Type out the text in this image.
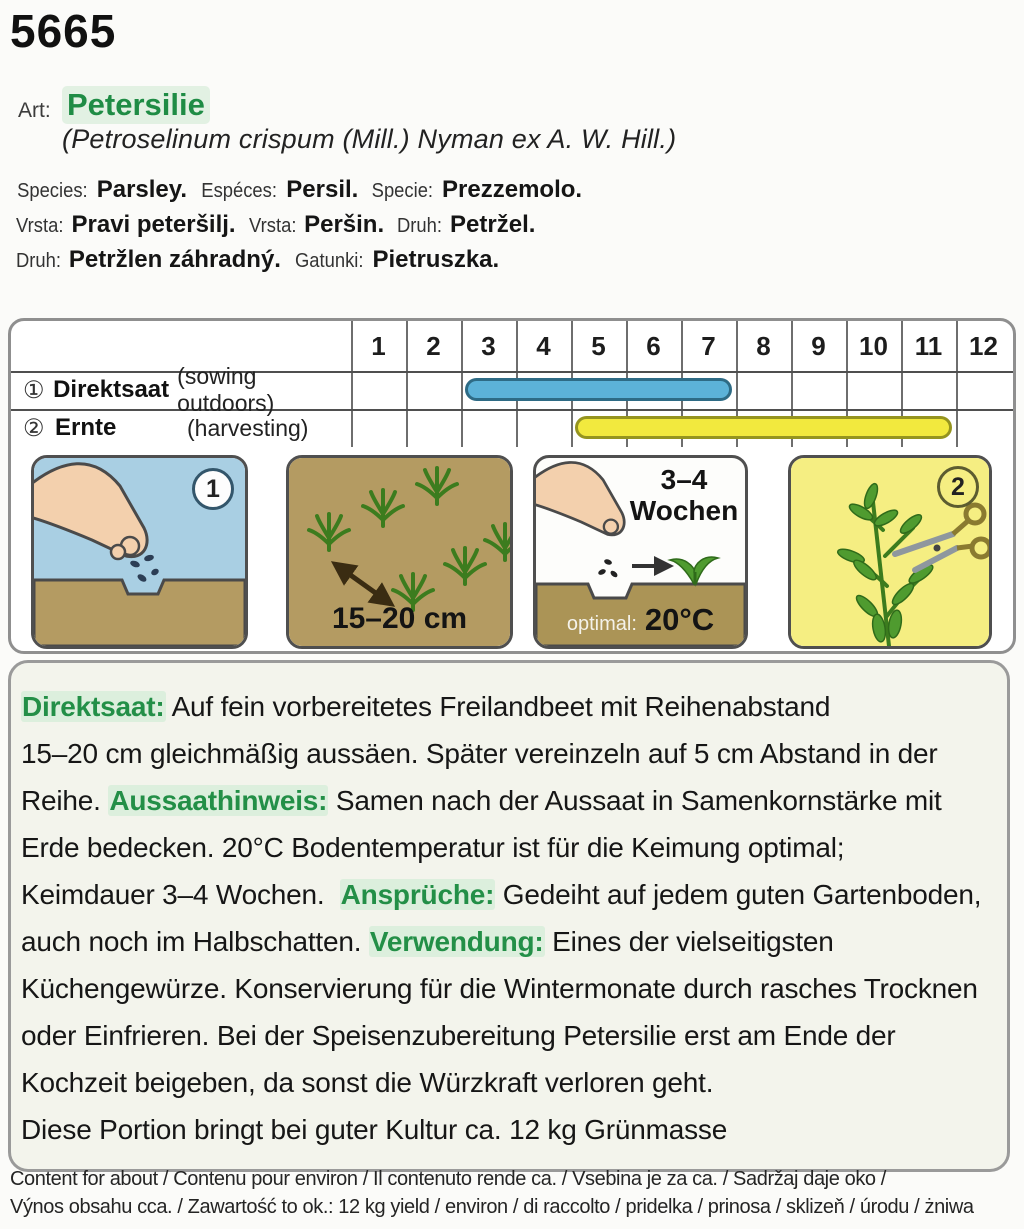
5665
Art: Petersilie
(Petroselinum crispum (Mill.) Nyman ex A. W. Hill.)
Species: Parsley. Espéces: Persil. Specie: Prezzemolo.
Vrsta: Pravi peteršilj. Vrsta: Peršin. Druh: Petržel.
Druh: Petržlen záhradný. Gatunki: Pietruszka.
1	2	3	4	5	6	7	8	9	10	11	12
① Direktsaat (sowing outdoors)
② Ernte	(harvesting)
1
15–20 cm
3–4
Wochen
optimal: 20°C
2
Direktsaat: Auf fein vorbereitetes Freilandbeet mit Reihenabstand
15–20 cm gleichmäßig aussäen. Später vereinzeln auf 5 cm Abstand in der
Reihe. Aussaathinweis: Samen nach der Aussaat in Samenkornstärke mit
Erde bedecken. 20°C Bodentemperatur ist für die Keimung optimal;
Keimdauer 3–4 Wochen.  Ansprüche: Gedeiht auf jedem guten Gartenboden,
auch noch im Halbschatten. Verwendung: Eines der vielseitigsten
Küchengewürze. Konservierung für die Wintermonate durch rasches Trocknen
oder Einfrieren. Bei der Speisenzubereitung Petersilie erst am Ende der
Kochzeit beigeben, da sonst die Würzkraft verloren geht.
Diese Portion bringt bei guter Kultur ca. 12 kg Grünmasse
Content for about / Contenu pour environ / Il contenuto rende ca. / Vsebina je za ca. / Sadržaj daje oko /
Výnos obsahu cca. / Zawartość to ok.: 12 kg yield / environ / di raccolto / pridelka / prinosa / sklizeň / úrodu / żniwa
